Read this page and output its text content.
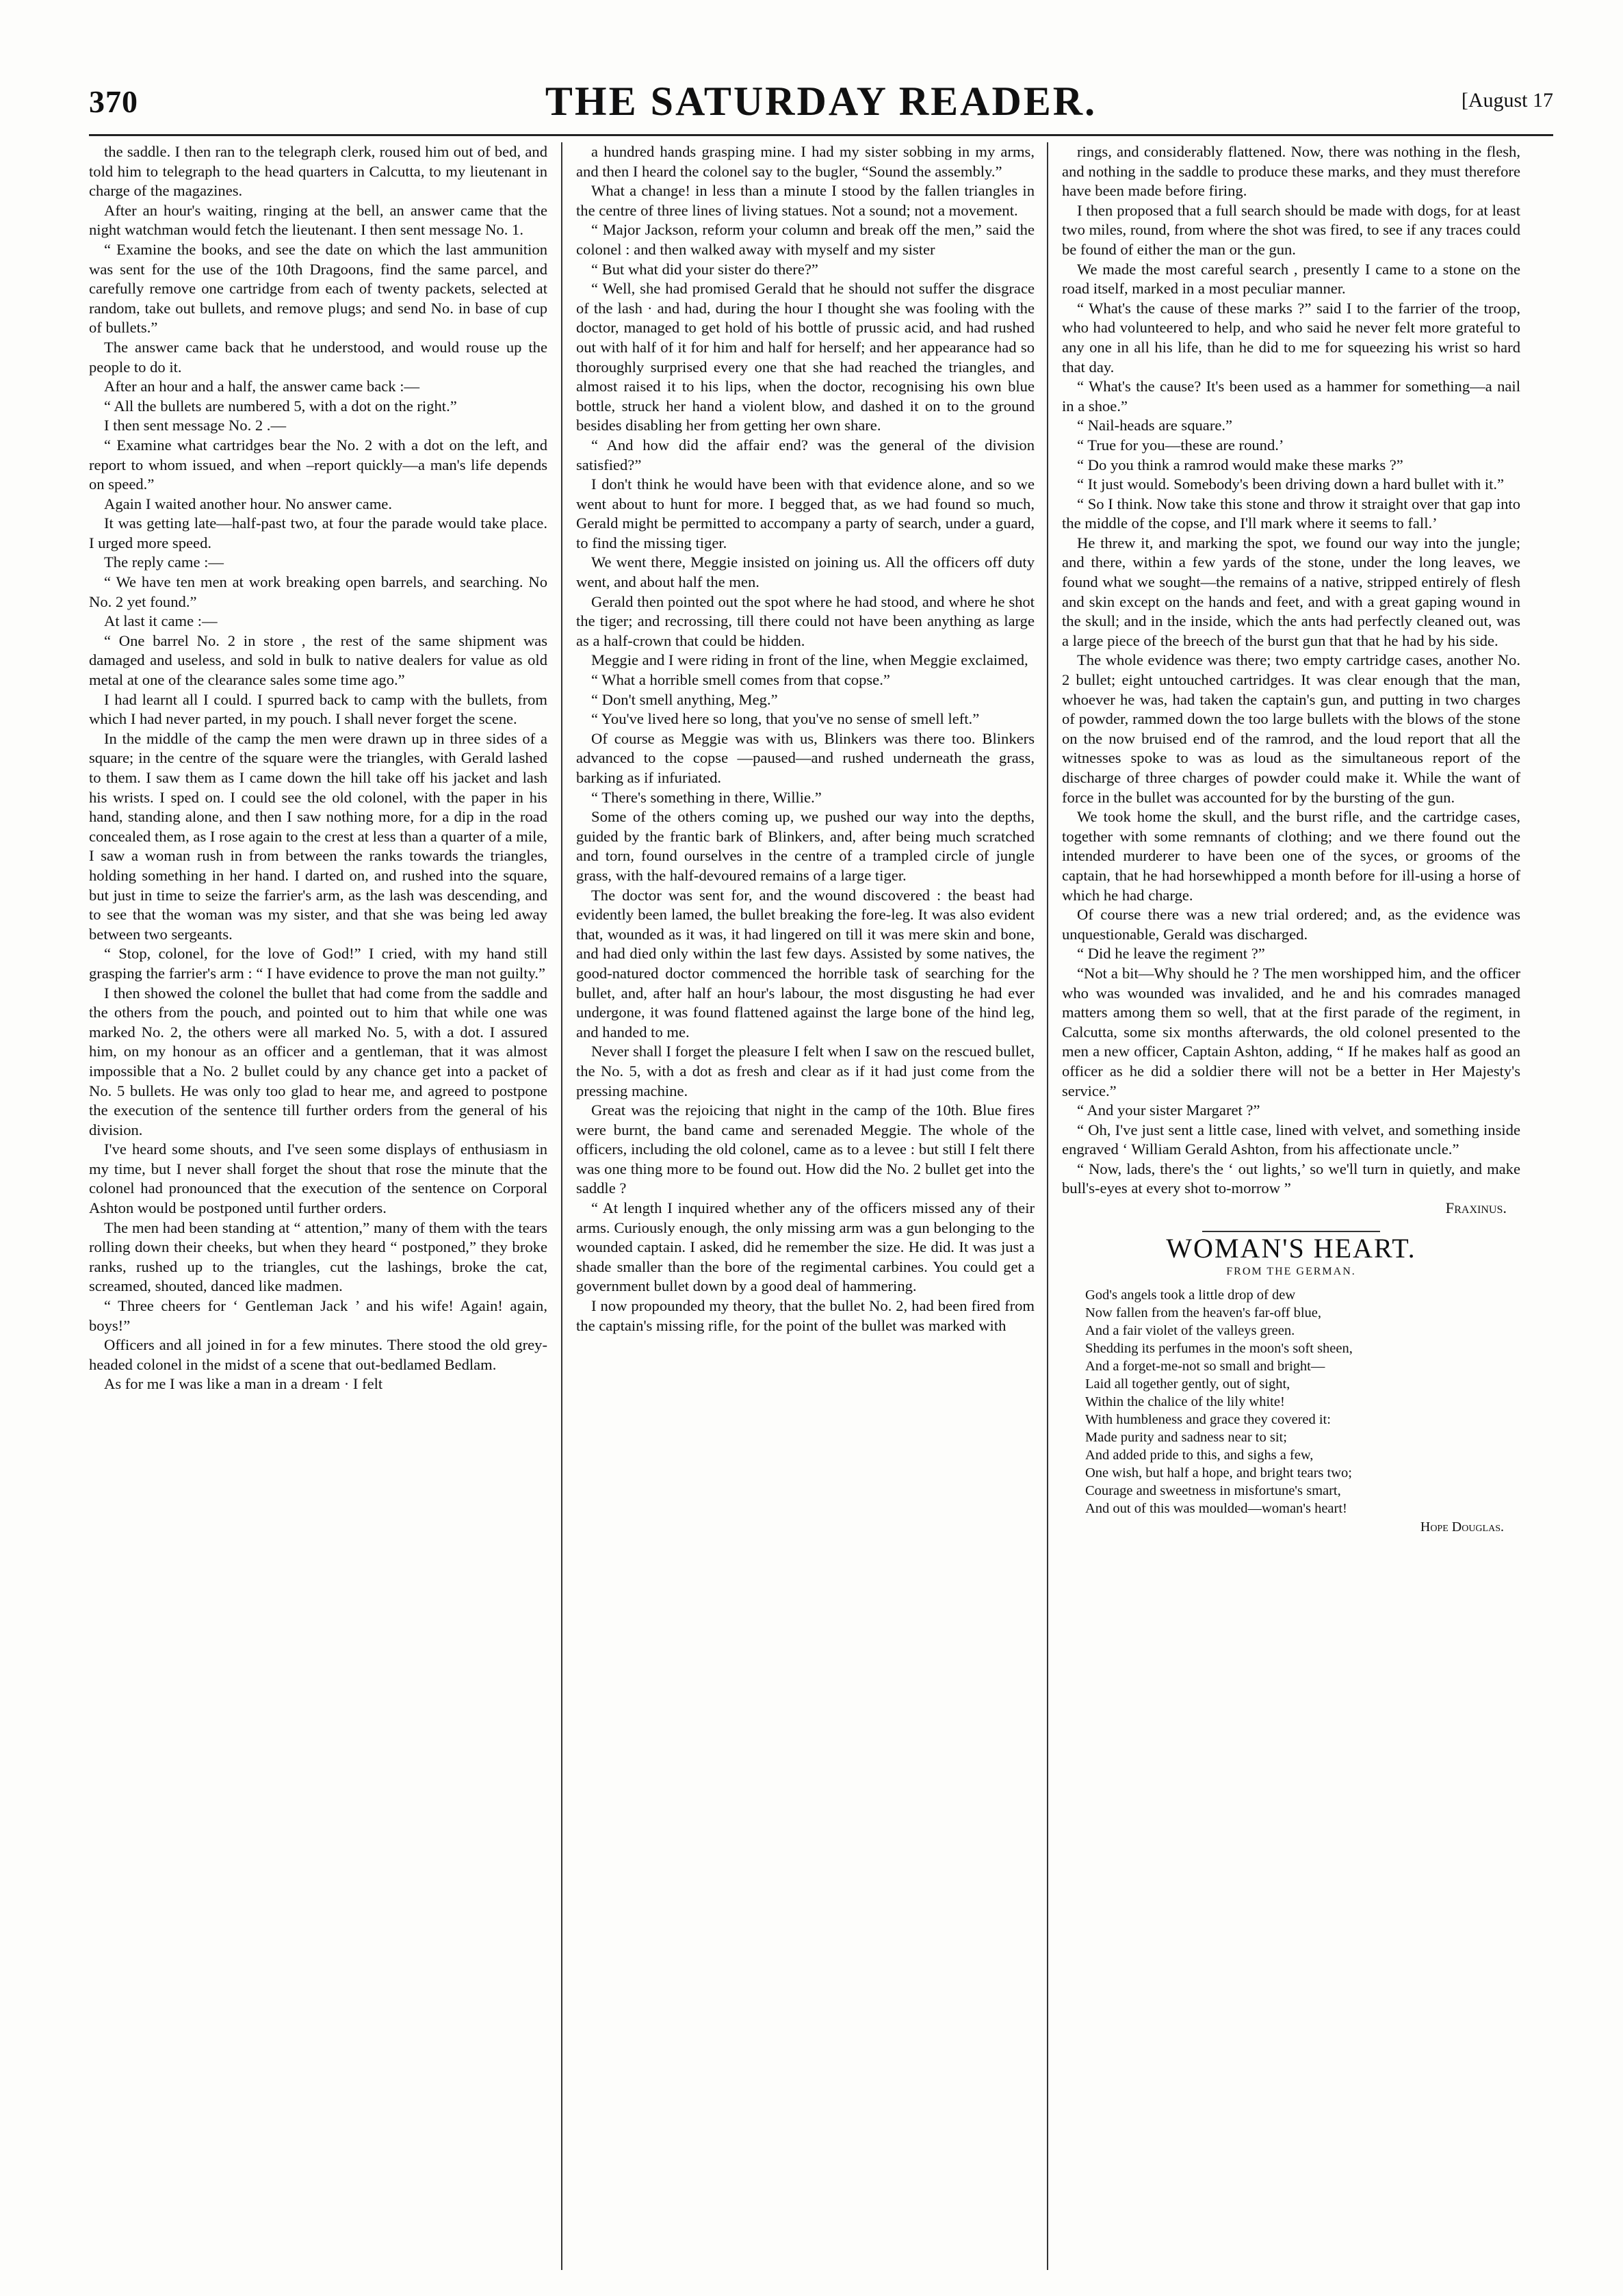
370	THE SATURDAY READER.	[August 17

the saddle. I then ran to the telegraph clerk, roused him out of bed, and told him to telegraph to the head quarters in Calcutta, to my lieutenant in charge of the magazines.

After an hour's waiting, ringing at the bell, an answer came that the night watchman would fetch the lieutenant. I then sent message No. 1.

“ Examine the books, and see the date on which the last ammunition was sent for the use of the 10th Dragoons, find the same parcel, and carefully remove one cartridge from each of twenty packets, selected at random, take out bullets, and remove plugs; and send No. in base of cup of bullets.”

The answer came back that he understood, and would rouse up the people to do it.

After an hour and a half, the answer came back :—

“ All the bullets are numbered 5, with a dot on the right.”

I then sent message No. 2 .—

“ Examine what cartridges bear the No. 2 with a dot on the left, and report to whom issued, and when –report quickly—a man's life depends on speed.”

Again I waited another hour. No answer came.

It was getting late—half-past two, at four the parade would take place. I urged more speed.

The reply came :—

“ We have ten men at work breaking open barrels, and searching. No No. 2 yet found.”

At last it came :—

“ One barrel No. 2 in store , the rest of the same shipment was damaged and useless, and sold in bulk to native dealers for value as old metal at one of the clearance sales some time ago.”

I had learnt all I could. I spurred back to camp with the bullets, from which I had never parted, in my pouch. I shall never forget the scene.

In the middle of the camp the men were drawn up in three sides of a square; in the centre of the square were the triangles, with Gerald lashed to them. I saw them as I came down the hill take off his jacket and lash his wrists. I sped on. I could see the old colonel, with the paper in his hand, standing alone, and then I saw nothing more, for a dip in the road concealed them, as I rose again to the crest at less than a quarter of a mile, I saw a woman rush in from between the ranks towards the triangles, holding something in her hand. I darted on, and rushed into the square, but just in time to seize the farrier's arm, as the lash was descending, and to see that the woman was my sister, and that she was being led away between two sergeants.

“ Stop, colonel, for the love of God!” I cried, with my hand still grasping the farrier's arm : “ I have evidence to prove the man not guilty.”

I then showed the colonel the bullet that had come from the saddle and the others from the pouch, and pointed out to him that while one was marked No. 2, the others were all marked No. 5, with a dot. I assured him, on my honour as an officer and a gentleman, that it was almost impossible that a No. 2 bullet could by any chance get into a packet of No. 5 bullets. He was only too glad to hear me, and agreed to postpone the execution of the sentence till further orders from the general of his division.

I've heard some shouts, and I've seen some displays of enthusiasm in my time, but I never shall forget the shout that rose the minute that the colonel had pronounced that the execution of the sentence on Corporal Ashton would be postponed until further orders.

The men had been standing at “ attention,” many of them with the tears rolling down their cheeks, but when they heard “ postponed,” they broke ranks, rushed up to the triangles, cut the lashings, broke the cat, screamed, shouted, danced like madmen.

“ Three cheers for ‘ Gentleman Jack ’ and his wife! Again! again, boys!”

Officers and all joined in for a few minutes. There stood the old grey-headed colonel in the midst of a scene that out-bedlamed Bedlam.

As for me I was like a man in a dream · I felt

a hundred hands grasping mine. I had my sister sobbing in my arms, and then I heard the colonel say to the bugler, “Sound the assembly.”

What a change! in less than a minute I stood by the fallen triangles in the centre of three lines of living statues. Not a sound; not a movement.

“ Major Jackson, reform your column and break off the men,” said the colonel : and then walked away with myself and my sister

“ But what did your sister do there?”

“ Well, she had promised Gerald that he should not suffer the disgrace of the lash · and had, during the hour I thought she was fooling with the doctor, managed to get hold of his bottle of prussic acid, and had rushed out with half of it for him and half for herself; and her appearance had so thoroughly surprised every one that she had reached the triangles, and almost raised it to his lips, when the doctor, recognising his own blue bottle, struck her hand a violent blow, and dashed it on to the ground besides disabling her from getting her own share.

“ And how did the affair end? was the general of the division satisfied?”

I don't think he would have been with that evidence alone, and so we went about to hunt for more. I begged that, as we had found so much, Gerald might be permitted to accompany a party of search, under a guard, to find the missing tiger.

We went there, Meggie insisted on joining us. All the officers off duty went, and about half the men.

Gerald then pointed out the spot where he had stood, and where he shot the tiger; and recrossing, till there could not have been anything as large as a half-crown that could be hidden.

Meggie and I were riding in front of the line, when Meggie exclaimed,

“ What a horrible smell comes from that copse.”

“ Don't smell anything, Meg.”

“ You've lived here so long, that you've no sense of smell left.”

Of course as Meggie was with us, Blinkers was there too. Blinkers advanced to the copse —paused—and rushed underneath the grass, barking as if infuriated.

“ There's something in there, Willie.”

Some of the others coming up, we pushed our way into the depths, guided by the frantic bark of Blinkers, and, after being much scratched and torn, found ourselves in the centre of a trampled circle of jungle grass, with the half-devoured remains of a large tiger.

The doctor was sent for, and the wound discovered : the beast had evidently been lamed, the bullet breaking the fore-leg. It was also evident that, wounded as it was, it had lingered on till it was mere skin and bone, and had died only within the last few days. Assisted by some natives, the good-natured doctor commenced the horrible task of searching for the bullet, and, after half an hour's labour, the most disgusting he had ever undergone, it was found flattened against the large bone of the hind leg, and handed to me.

Never shall I forget the pleasure I felt when I saw on the rescued bullet, the No. 5, with a dot as fresh and clear as if it had just come from the pressing machine.

Great was the rejoicing that night in the camp of the 10th. Blue fires were burnt, the band came and serenaded Meggie. The whole of the officers, including the old colonel, came as to a levee : but still I felt there was one thing more to be found out. How did the No. 2 bullet get into the saddle ?

“ At length I inquired whether any of the officers missed any of their arms. Curiously enough, the only missing arm was a gun belonging to the wounded captain. I asked, did he remember the size. He did. It was just a shade smaller than the bore of the regimental carbines. You could get a government bullet down by a good deal of hammering.

I now propounded my theory, that the bullet No. 2, had been fired from the captain's missing rifle, for the point of the bullet was marked with

rings, and considerably flattened. Now, there was nothing in the flesh, and nothing in the saddle to produce these marks, and they must therefore have been made before firing.

I then proposed that a full search should be made with dogs, for at least two miles, round, from where the shot was fired, to see if any traces could be found of either the man or the gun.

We made the most careful search , presently I came to a stone on the road itself, marked in a most peculiar manner.

“ What's the cause of these marks ?” said I to the farrier of the troop, who had volunteered to help, and who said he never felt more grateful to any one in all his life, than he did to me for squeezing his wrist so hard that day.

“ What's the cause? It's been used as a hammer for something—a nail in a shoe.”

“ Nail-heads are square.”

“ True for you—these are round.’

“ Do you think a ramrod would make these marks ?”

“ It just would. Somebody's been driving down a hard bullet with it.”

“ So I think. Now take this stone and throw it straight over that gap into the middle of the copse, and I'll mark where it seems to fall.’

He threw it, and marking the spot, we found our way into the jungle; and there, within a few yards of the stone, under the long leaves, we found what we sought—the remains of a native, stripped entirely of flesh and skin except on the hands and feet, and with a great gaping wound in the skull; and in the inside, which the ants had perfectly cleaned out, was a large piece of the breech of the burst gun that that he had by his side.

The whole evidence was there; two empty cartridge cases, another No. 2 bullet; eight untouched cartridges. It was clear enough that the man, whoever he was, had taken the captain's gun, and putting in two charges of powder, rammed down the too large bullets with the blows of the stone on the now bruised end of the ramrod, and the loud report that all the witnesses spoke to was as loud as the simultaneous report of the discharge of three charges of powder could make it. While the want of force in the bullet was accounted for by the bursting of the gun.

We took home the skull, and the burst rifle, and the cartridge cases, together with some remnants of clothing; and we there found out the intended murderer to have been one of the syces, or grooms of the captain, that he had horsewhipped a month before for ill-using a horse of which he had charge.

Of course there was a new trial ordered; and, as the evidence was unquestionable, Gerald was discharged.

“ Did he leave the regiment ?”

“Not a bit—Why should he ? The men worshipped him, and the officer who was wounded was invalided, and he and his comrades managed matters among them so well, that at the first parade of the regiment, in Calcutta, some six months afterwards, the old colonel presented to the men a new officer, Captain Ashton, adding, “ If he makes half as good an officer as he did a soldier there will not be a better in Her Majesty's service.”

“ And your sister Margaret ?”

“ Oh, I've just sent a little case, lined with velvet, and something inside engraved ‘ William Gerald Ashton, from his affectionate uncle.”

“ Now, lads, there's the ‘ out lights,’ so we'll turn in quietly, and make bull's-eyes at every shot to-morrow ”

Fraxinus.

WOMAN'S HEART.
FROM THE GERMAN.
God's angels took a little drop of dew
Now fallen from the heaven's far-off blue,
And a fair violet of the valleys green.
Shedding its perfumes in the moon's soft sheen,
And a forget-me-not so small and bright—
Laid all together gently, out of sight,
Within the chalice of the lily white!
With humbleness and grace they covered it:
Made purity and sadness near to sit;
And added pride to this, and sighs a few,
One wish, but half a hope, and bright tears two;
Courage and sweetness in misfortune's smart,
And out of this was moulded—woman's heart!

Hope Douglas.
